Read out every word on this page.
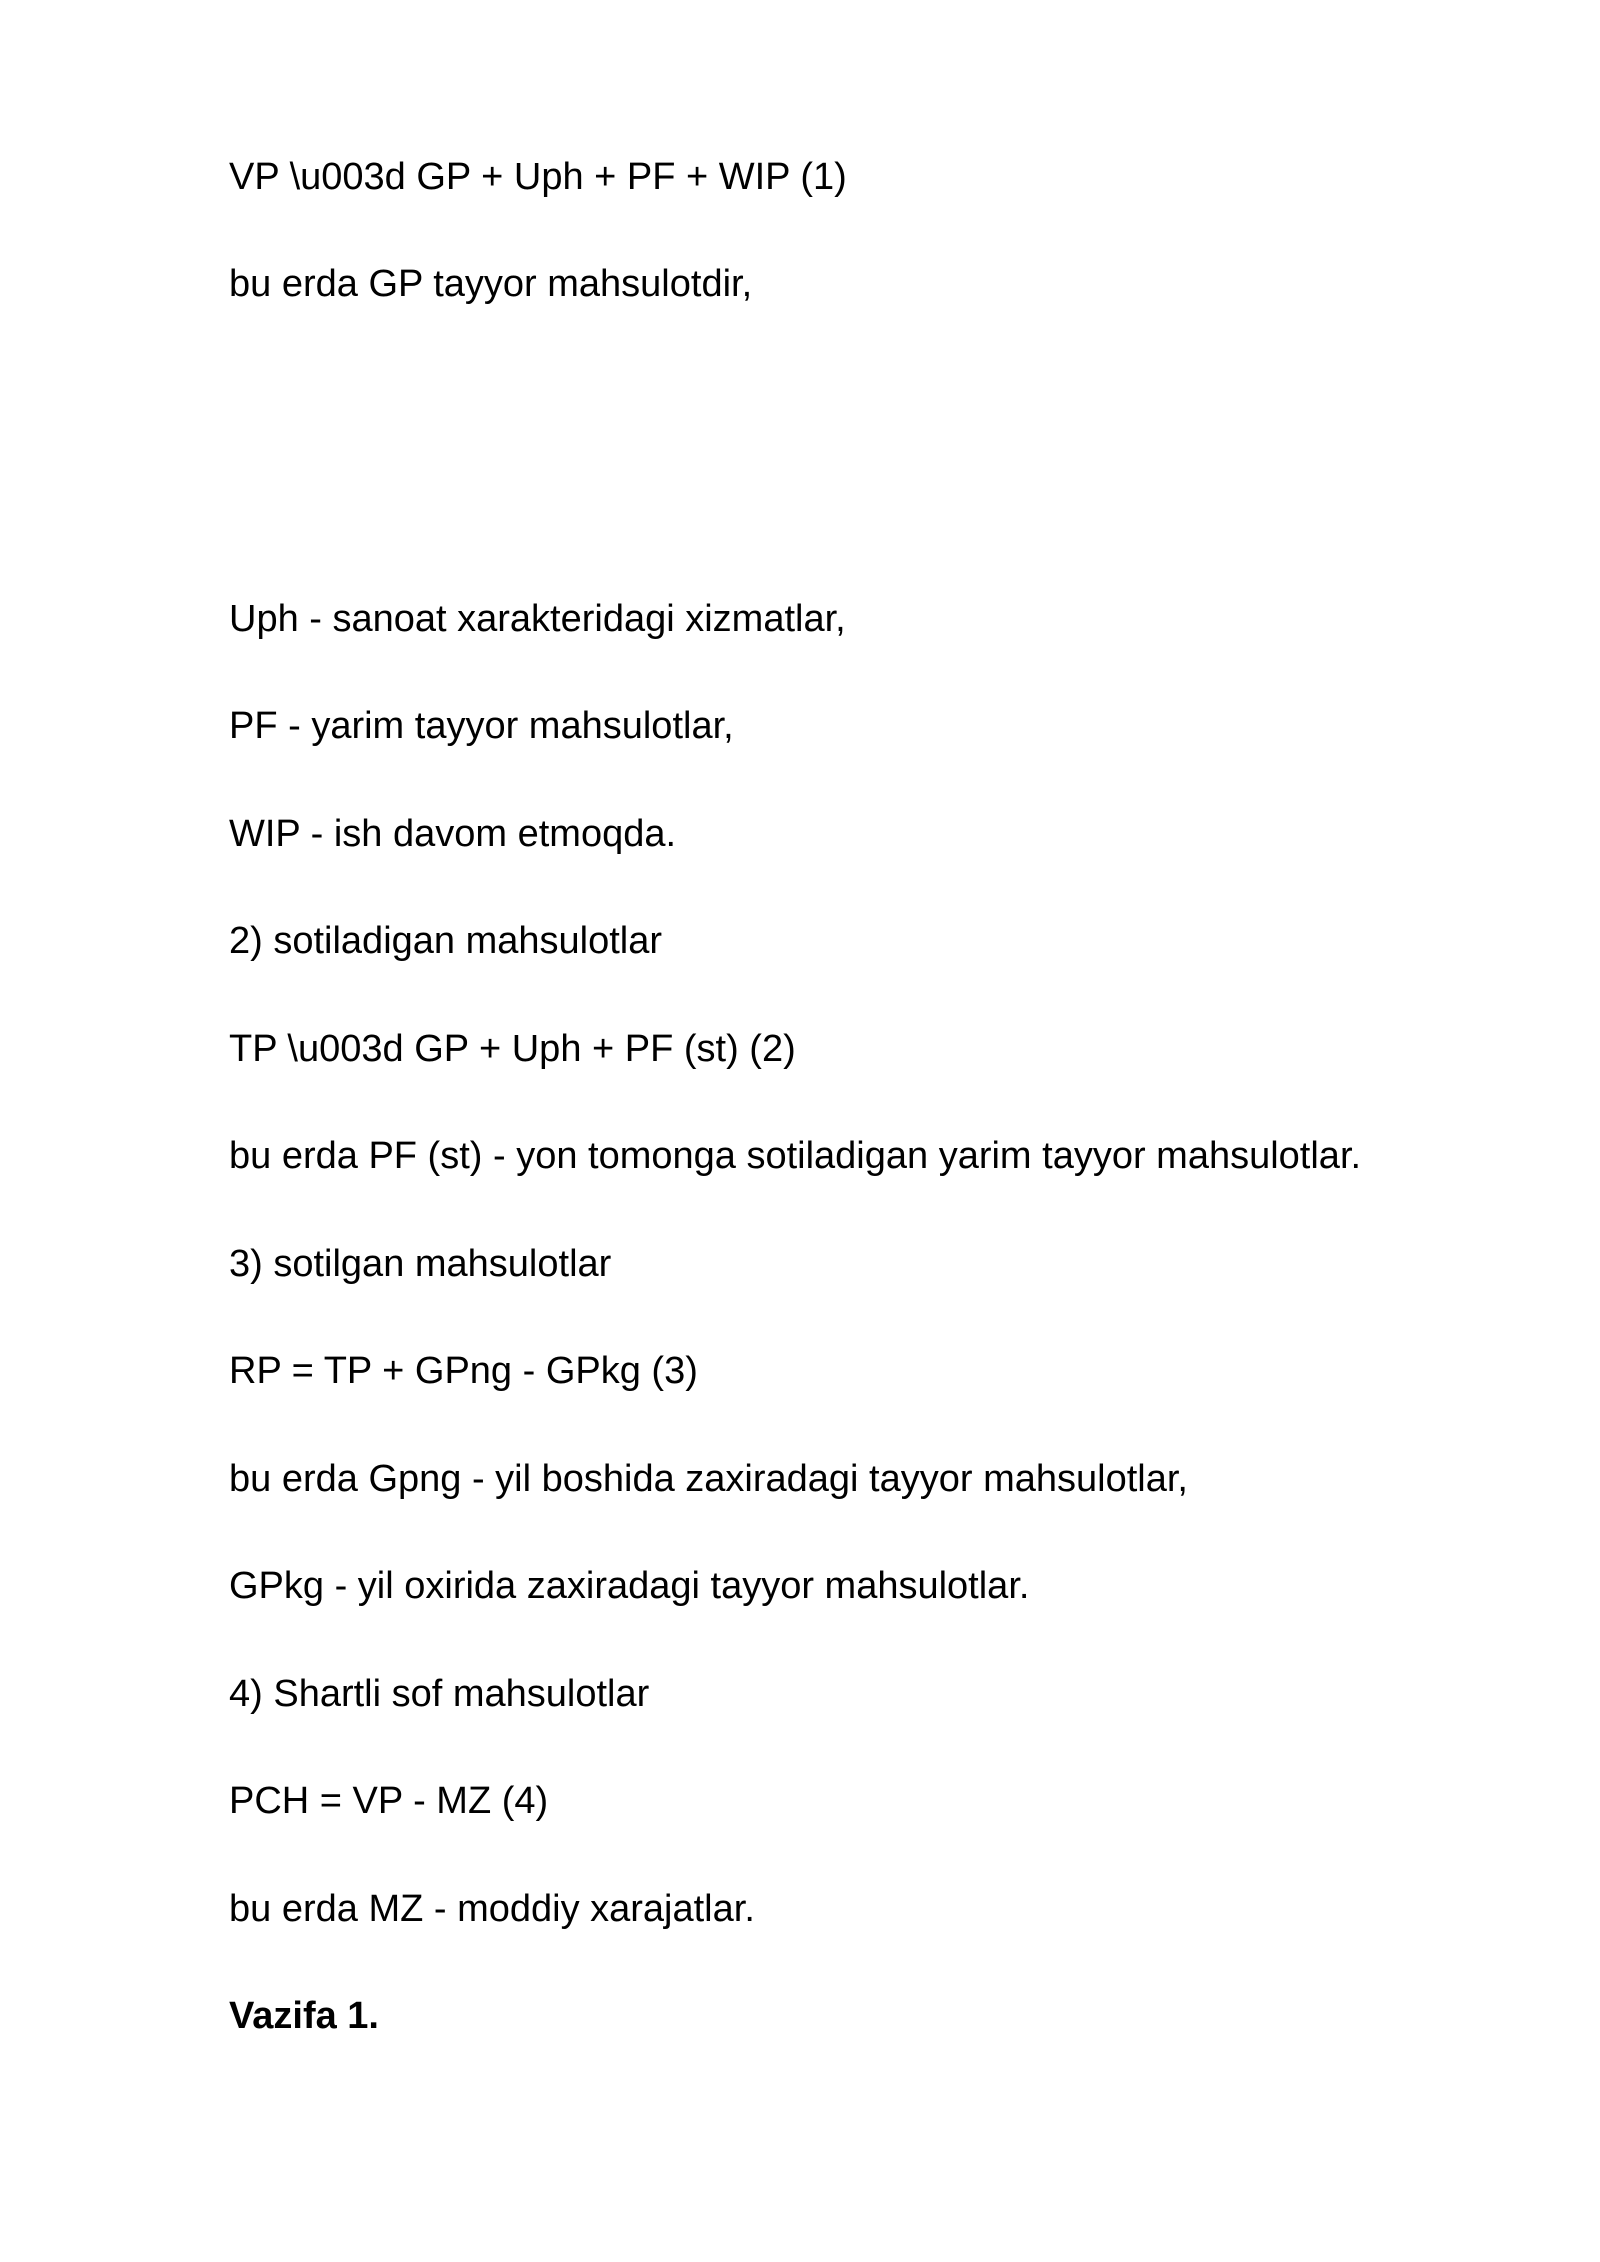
VP \u003d GP + Uph + PF + WIP (1)

bu erda GP tayyor mahsulotdir,

Uph - sanoat xarakteridagi xizmatlar,

PF - yarim tayyor mahsulotlar,

WIP - ish davom etmoqda.

2) sotiladigan mahsulotlar

TP \u003d GP + Uph + PF (st) (2)

bu erda PF (st) - yon tomonga sotiladigan yarim tayyor mahsulotlar.

3) sotilgan mahsulotlar

RP = TP + GPng - GPkg (3)

bu erda Gpng - yil boshida zaxiradagi tayyor mahsulotlar,

GPkg - yil oxirida zaxiradagi tayyor mahsulotlar.

4) Shartli sof mahsulotlar

PCH = VP - MZ (4)

bu erda MZ - moddiy xarajatlar.

Vazifa 1.
